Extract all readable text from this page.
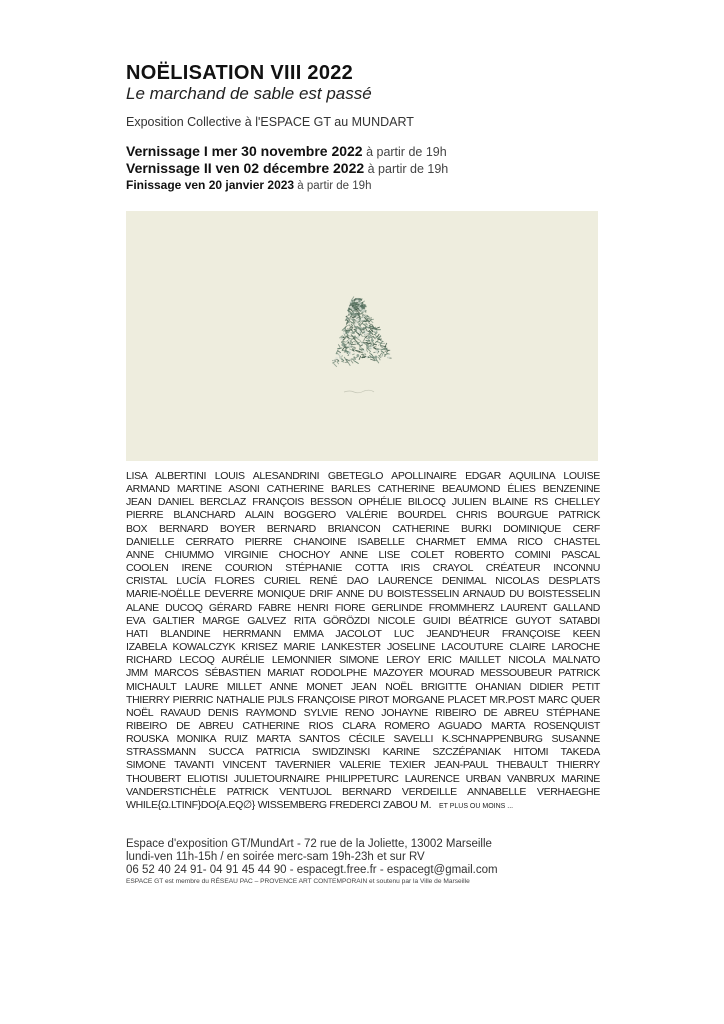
NOËLISATION VIII 2022

Le marchand de sable est passé

Exposition Collective à l'ESPACE GT au MUNDART
Vernissage I mer 30 novembre 2022 à partir de 19h
Vernissage II ven 02 décembre 2022 à partir de 19h
Finissage ven 20 janvier 2023 à partir de 19h
LISA ALBERTINI LOUIS ALESANDRINI GBETEGLO APOLLINAIRE EDGAR AQUILINA LOUISE
ARMAND MARTINE ASONI CATHERINE BARLES CATHERINE BEAUMOND ÉLIES BENZENINE
JEAN DANIEL BERCLAZ FRANÇOIS BESSON OPHÉLIE BILOCQ JULIEN BLAINE RS CHELLEY
PIERRE BLANCHARD ALAIN BOGGERO VALÉRIE BOURDEL CHRIS BOURGUE PATRICK
BOX BERNARD BOYER BERNARD BRIANCON CATHERINE BURKI DOMINIQUE CERF
DANIELLE CERRATO PIERRE CHANOINE ISABELLE CHARMET EMMA RICO CHASTEL
ANNE CHIUMMO VIRGINIE CHOCHOY ANNE LISE COLET ROBERTO COMINI PASCAL
COOLEN IRENE COURION STÉPHANIE COTTA IRIS CRAYOL CRÉATEUR INCONNU
CRISTAL LUCÍA FLORES CURIEL RENÉ DAO LAURENCE DENIMAL NICOLAS DESPLATS
MARIE-NOËLLE DEVERRE MONIQUE DRIF ANNE DU BOISTESSELIN ARNAUD DU BOISTESSELIN
ALANE DUCOQ GÉRARD FABRE HENRI FIORE GERLINDE FROMMHERZ LAURENT GALLAND
EVA GALTIER MARGE GALVEZ RITA GÖRÖZDI NICOLE GUIDI BÉATRICE GUYOT SATABDI
HATI BLANDINE HERRMANN EMMA JACOLOT LUC JEAND'HEUR FRANÇOISE KEEN
IZABELA KOWALCZYK KRISEZ MARIE LANKESTER JOSELINE LACOUTURE CLAIRE LAROCHE
RICHARD LECOQ AURÉLIE LEMONNIER SIMONE LEROY ERIC MAILLET NICOLA MALNATO
JMM MARCOS SÉBASTIEN MARIAT RODOLPHE MAZOYER MOURAD MESSOUBEUR PATRICK
MICHAULT LAURE MILLET ANNE MONET JEAN NOËL BRIGITTE OHANIAN DIDIER PETIT
THIERRY PIERRIC NATHALIE PIJLS FRANÇOISE PIROT MORGANE PLACET MR.POST MARC QUER
NOËL RAVAUD DENIS RAYMOND SYLVIE RENO JOHAYNE RIBEIRO DE ABREU STÉPHANE
RIBEIRO DE ABREU CATHERINE RIOS CLARA ROMERO AGUADO MARTA ROSENQUIST
ROUSKA MONIKA RUIZ MARTA SANTOS CÉCILE SAVELLI K.SCHNAPPENBURG SUSANNE
STRASSMANN SUCCA PATRICIA SWIDZINSKI KARINE SZCZÉPANIAK HITOMI TAKEDA
SIMONE TAVANTI VINCENT TAVERNIER VALERIE TEXIER JEAN-PAUL THEBAULT THIERRY
THOUBERT ELIOTISI JULIETOURNAIRE PHILIPPETURC LAURENCE URBAN VANBRUX MARINE
VANDERSTICHÈLE PATRICK VENTUJOL BERNARD VERDEILLE ANNABELLE VERHAEGHE
WHILE{Ω.LTINF}DO{A.EQ∅} WISSEMBERG FREDERCI ZABOU M. ET PLUS OU MOINS ...
Espace d'exposition GT/MundArt - 72 rue de la Joliette, 13002 Marseille
lundi-ven 11h-15h / en soirée merc-sam 19h-23h et sur RV
06 52 40 24 91- 04 91 45 44 90 - espacegt.free.fr - espacegt@gmail.com
ESPACE GT est membre du RÉSEAU PAC – PROVENCE ART CONTEMPORAIN et soutenu par la Ville de Marseille
